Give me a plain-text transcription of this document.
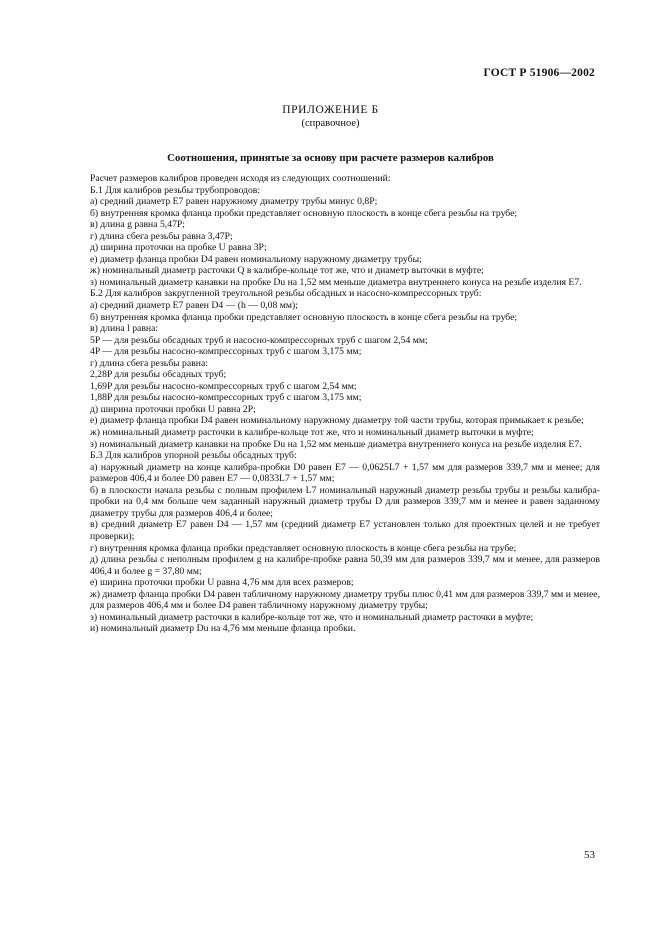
ГОСТ Р 51906—2002
ПРИЛОЖЕНИЕ Б
(справочное)
Соотношения, принятые за основу при расчете размеров калибров
Расчет размеров калибров проведен исходя из следующих соотношений:
Б.1 Для калибров резьбы трубопроводов:
а) средний диаметр E7 равен наружному диаметру трубы минус 0,8P;
б) внутренняя кромка фланца пробки представляет основную плоскость в конце сбега резьбы на трубе;
в) длина g равна 5,47P;
г) длина сбега резьбы равна 3,47P;
д) ширина проточки на пробке U равна 3P;
е) диаметр фланца пробки D4 равен номинальному наружному диаметру трубы;
ж) номинальный диаметр расточки Q в калибре-кольце тот же, что и диаметр выточки в муфте;
з) номинальный диаметр канавки на пробке Du на 1,52 мм меньше диаметра внутреннего конуса на резьбе изделия E7.
Б.2 Для калибров закругленной треугольной резьбы обсадных и насосно-компрессорных труб:
а) средний диаметр E7 равен D4 — (h — 0,08 мм);
б) внутренняя кромка фланца пробки представляет основную плоскость в конце сбега резьбы на трубе;
в) длина l равна:
5P — для резьбы обсадных труб и насосно-компрессорных труб с шагом 2,54 мм;
4P — для резьбы насосно-компрессорных труб с шагом 3,175 мм;
г) длина сбега резьбы равна:
2,28P для резьбы обсадных труб;
1,69P для резьбы насосно-компрессорных труб с шагом 2,54 мм;
1,88P для резьбы насосно-компрессорных труб с шагом 3,175 мм;
д) ширина проточки пробки U равна 2P;
е) диаметр фланца пробки D4 равен номинальному наружному диаметру той части трубы, которая примыкает к резьбе;
ж) номинальный диаметр расточки в калибре-кольце тот же, что и номинальный диаметр выточки в муфте;
з) номинальный диаметр канавки на пробке Du на 1,52 мм меньше диаметра внутреннего конуса на резьбе изделия E7.
Б.3 Для калибров упорной резьбы обсадных труб:
а) наружный диаметр на конце калибра-пробки D0 равен E7 — 0,0625L7 + 1,57 мм для размеров 339,7 мм и менее; для размеров 406,4 и более D0 равен E7 — 0,0833L7 + 1,57 мм;
б) в плоскости начала резьбы с полным профилем L7 номинальный наружный диаметр резьбы трубы и резьбы калибра-пробки на 0,4 мм больше чем заданный наружный диаметр трубы D для размеров 339,7 мм и менее и равен заданному диаметру трубы для размеров 406,4 и более;
в) средний диаметр E7 равен D4 — 1,57 мм (средний диаметр E7 установлен только для проектных целей и не требует проверки);
г) внутренняя кромка фланца пробки представляет основную плоскость в конце сбега резьбы на трубе;
д) длина резьбы с неполным профилем g на калибре-пробке равна 50,39 мм для размеров 339,7 мм и менее, для размеров 406,4 и более g = 37,80 мм;
е) ширина проточки пробки U равна 4,76 мм для всех размеров;
ж) диаметр фланца пробки D4 равен табличному наружному диаметру трубы плюс 0,41 мм для размеров 339,7 мм и менее, для размеров 406,4 мм и более D4 равен табличному наружному диаметру трубы;
з) номинальный диаметр расточки в калибре-кольце тот же, что и номинальный диаметр расточки в муфте;
и) номинальный диаметр Du на 4,76 мм меньше фланца пробки.
53
